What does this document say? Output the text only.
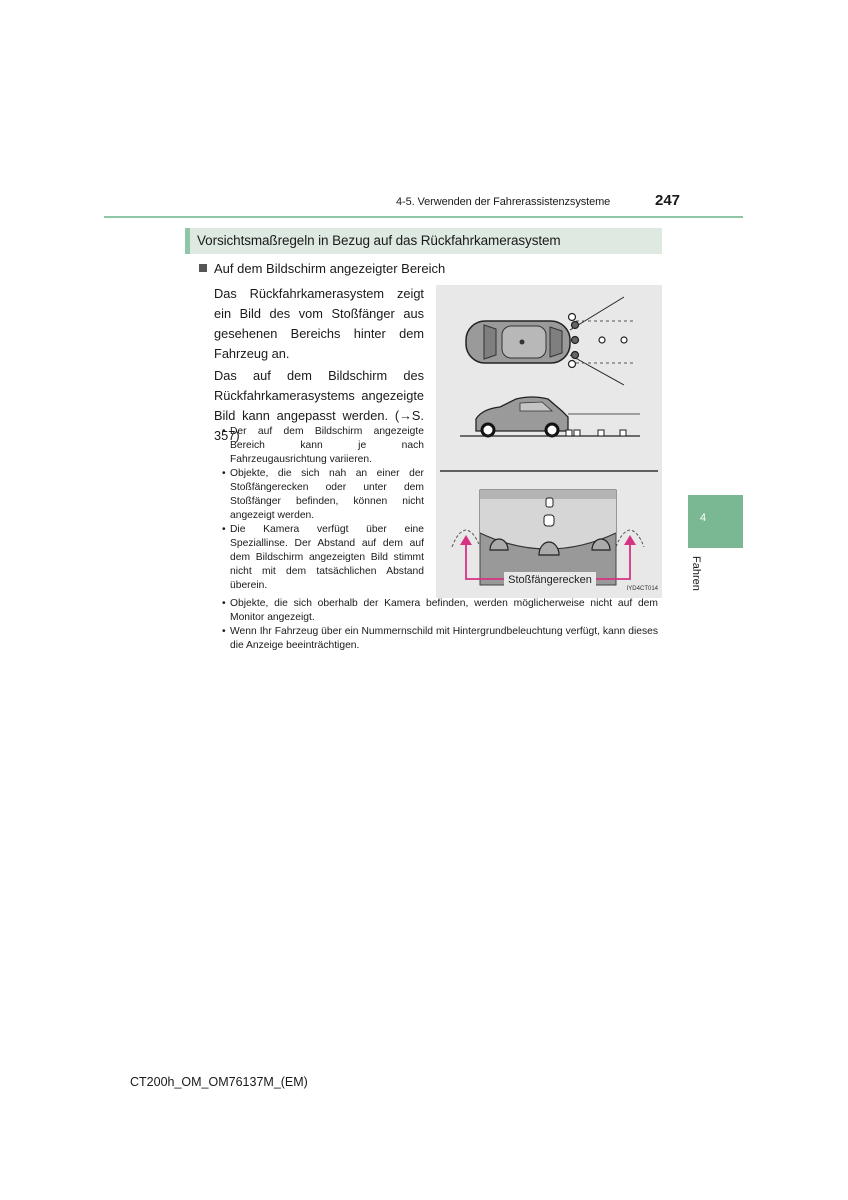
4-5. Verwenden der Fahrerassistenzsysteme	247
4
Fahren
Vorsichtsmaßregeln in Bezug auf das Rückfahrkamerasystem
Auf dem Bildschirm angezeigter Bereich
Das Rückfahrkamerasystem zeigt ein Bild des vom Stoßfänger aus gesehenen Bereichs hinter dem Fahrzeug an.
Das auf dem Bildschirm des Rückfahrkamerasystems angezeigte Bild kann angepasst werden. (→S. 357)
• Der auf dem Bildschirm angezeigte Bereich kann je nach Fahrzeugausrichtung variieren.
• Objekte, die sich nah an einer der Stoßfängerecken oder unter dem Stoßfänger befinden, können nicht angezeigt werden.
• Die Kamera verfügt über eine Speziallinse. Der Abstand auf dem auf dem Bildschirm angezeigten Bild stimmt nicht mit dem tatsächlichen Abstand überein.
• Objekte, die sich oberhalb der Kamera befinden, werden möglicherweise nicht auf dem Monitor angezeigt.
• Wenn Ihr Fahrzeug über ein Nummernschild mit Hintergrundbeleuchtung verfügt, kann dieses die Anzeige beeinträchtigen.
Stoßfängerecken
IYD4CT014
CT200h_OM_OM76137M_(EM)
